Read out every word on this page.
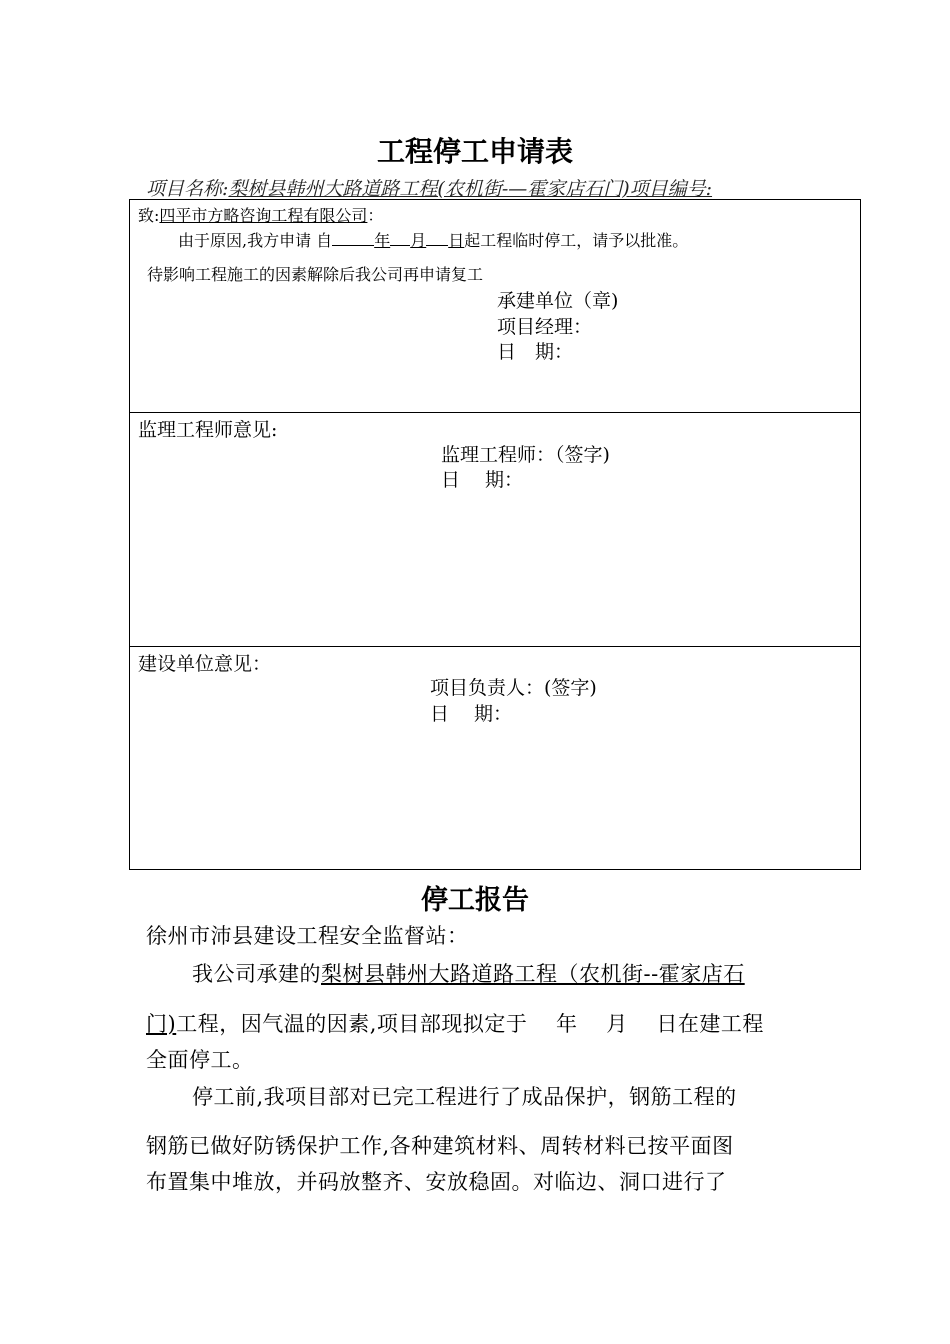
工程停工申请表
项目名称:梨树县韩州大路道路工程(农机街-—霍家店石门)项目编号:
致:四平市方略咨询工程有限公司：
由于原因,我方申请 自	年 月 日起工程临时停工，请予以批准。
待影响工程施工的因素解除后我公司再申请复工
承建单位（章)
项目经理：
日　期：
监理工程师意见:
监理工程师：（签字)
日　 期：
建设单位意见：
项目负责人：(签字)
日　 期：
停工报告
徐州市沛县建设工程安全监督站：
我公司承建的梨树县韩州大路道路工程（农机街--霍家店石
门)工程，因气温的因素,项目部现拟定于　 年　 月　 日在建工程
全面停工。
停工前,我项目部对已完工程进行了成品保护，钢筋工程的
钢筋已做好防锈保护工作,各种建筑材料、周转材料已按平面图
布置集中堆放，并码放整齐、安放稳固。对临边、洞口进行了
